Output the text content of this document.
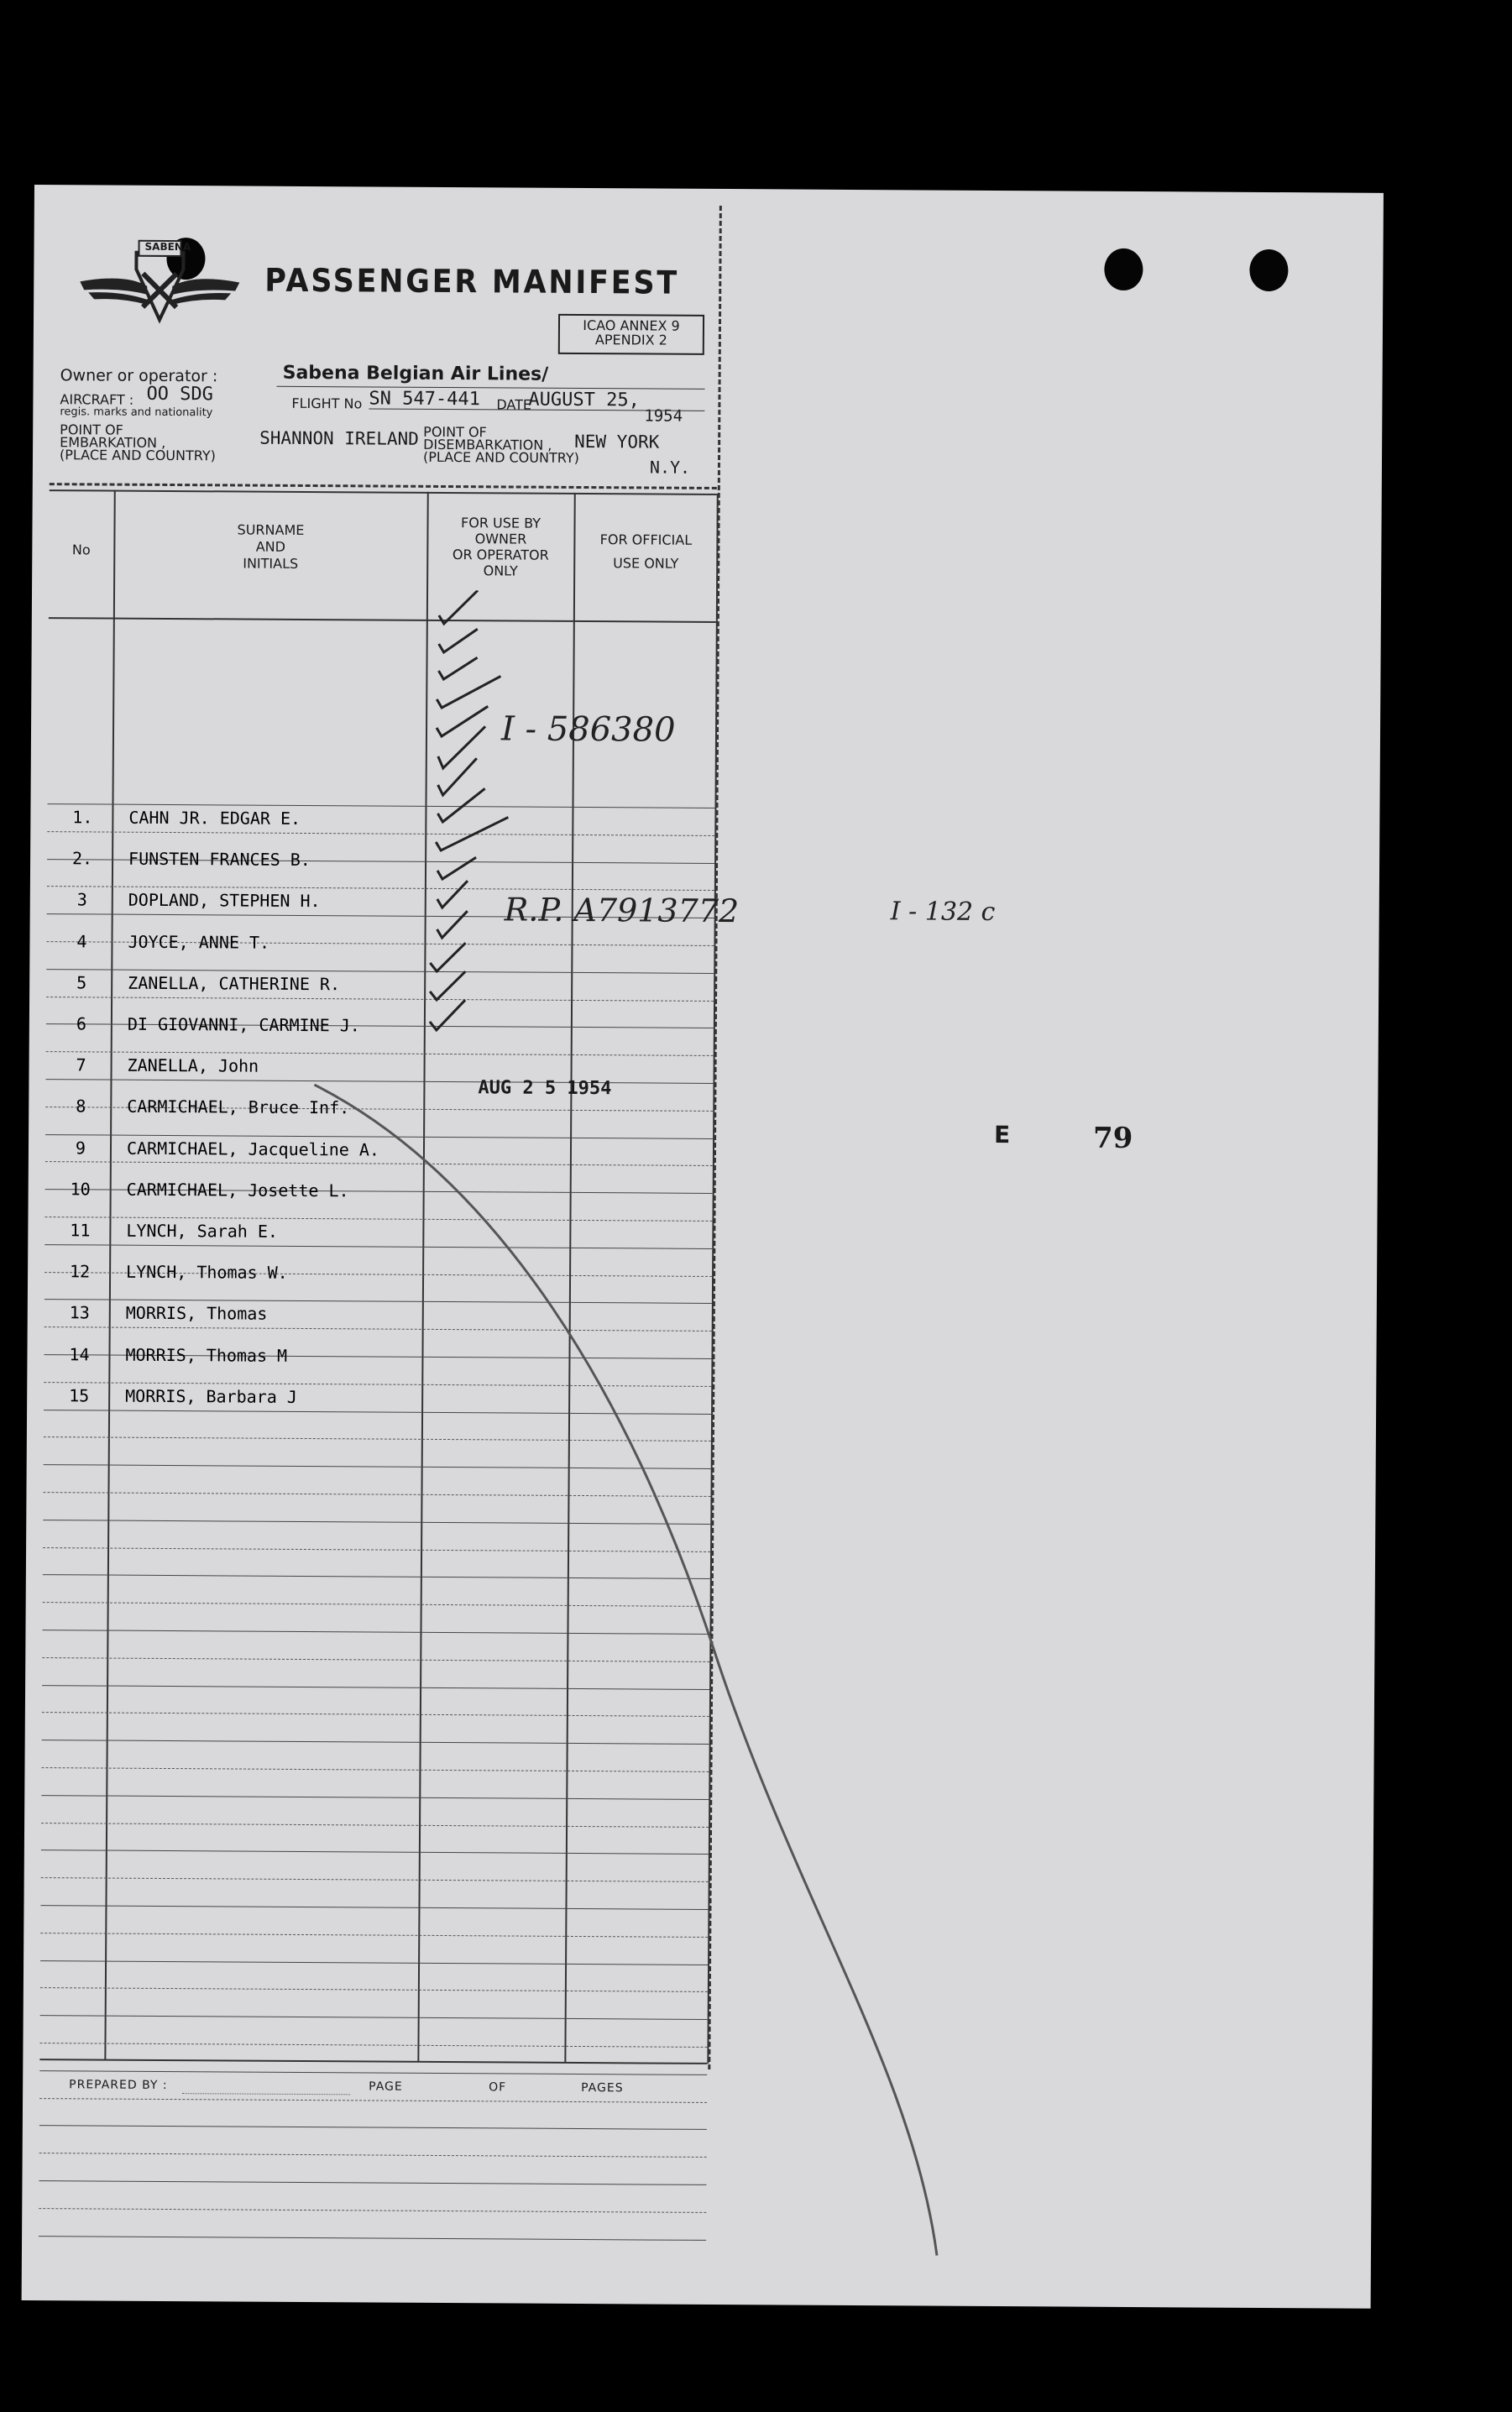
SABENA
PASSENGER MANIFEST
ICAO ANNEX 9
APENDIX 2
Owner or operator :	Sabena Belgian Air Lines/
AIRCRAFT : OO SDG
regis. marks and nationality
FLIGHT No SN 547-441 DATE
AUGUST 25,
1954
POINT OF
EMBARKATION ,
(PLACE AND COUNTRY)
SHANNON IRELAND POINT OF
DISEMBARKATION ,
(PLACE AND COUNTRY)
NEW YORK
N.Y.
No
SURNAME
AND
INITIALS
FOR USE BY
OWNER
OR OPERATOR
ONLY
FOR OFFICIAL
USE ONLY
1.	CAHN JR. EDGAR E.
2.	FUNSTEN FRANCES B.
3	DOPLAND, STEPHEN H.
4	JOYCE, ANNE T.
5	ZANELLA, CATHERINE R.
6	DI GIOVANNI, CARMINE J.
7	ZANELLA, John
8	CARMICHAEL, Bruce Inf.
9	CARMICHAEL, Jacqueline A.
10	CARMICHAEL, Josette L.
11	LYNCH, Sarah E.
12	LYNCH, Thomas W.
13	MORRIS, Thomas
14	MORRIS, Thomas M
15	MORRIS, Barbara J
I - 586380
R.P. A7913772	I - 132 c
AUG 2 5 1954
E	79
PREPARED BY :	PAGE	OF	PAGES
